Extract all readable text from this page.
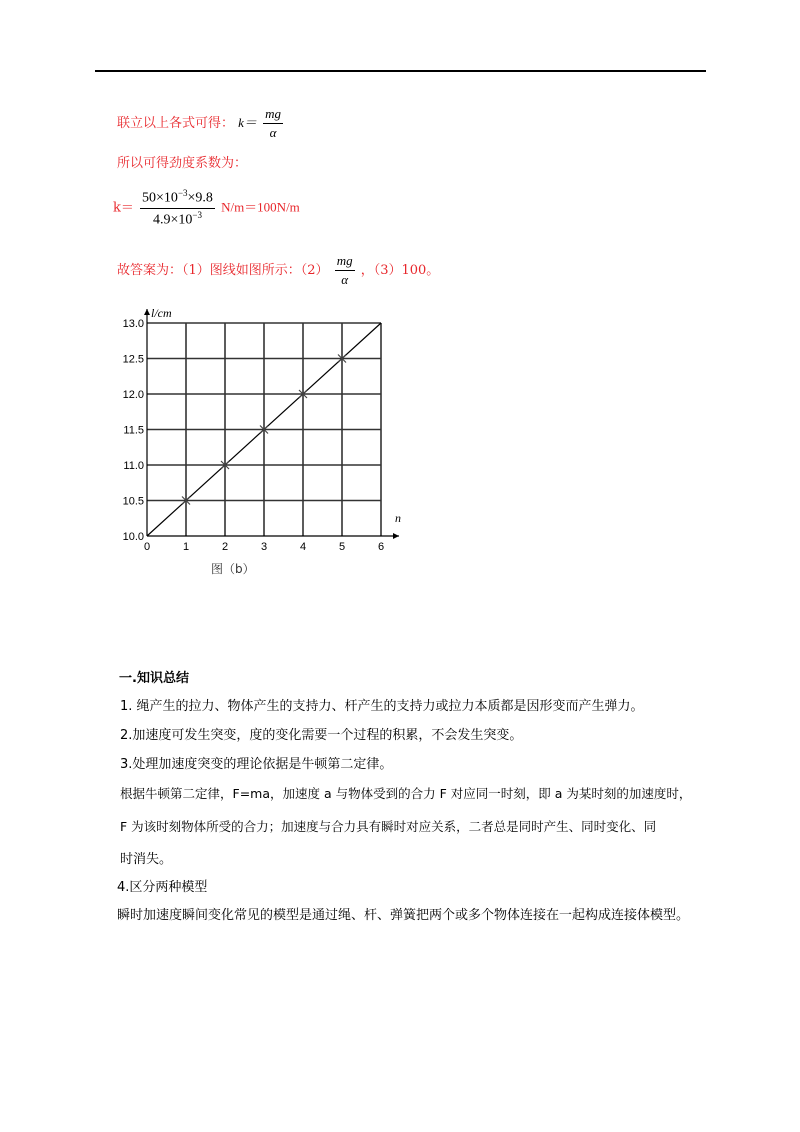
联立以上各式可得： $k= \frac{mg}{\alpha}$
所以可得劲度系数为：
$k= \frac{50\times 10^{-3}\times 9.8}{4.9\times 10^{-3}} N/m=100N/m$
故答案为：（1）图线如图所示：$(2) \frac{mg}{\alpha}$ ，（3）100。
0	1	2	3	4	5	6
10.0
10.5
11.0
11.5
12.0
12.5
13.0
l/cm
n
图（b）
一.知识总结
1. 绳产生的拉力、物体产生的支持力、杆产生的支持力或拉力本质都是因形变而产生弹力。
2.加速度可发生突变，度的变化需要一个过程的积累，不会发生突变。
3.处理加速度突变的理论依据是牛顿第二定律。
根据牛顿第二定律，F=ma，加速度 a 与物体受到的合力 F 对应同一时刻，即 a 为某时刻的加速度时，
F 为该时刻物体所受的合力；加速度与合力具有瞬时对应关系，二者总是同时产生、同时变化、同
时消失。
4.区分两种模型
瞬时加速度瞬间变化常见的模型是通过绳、杆、弹簧把两个或多个物体连接在一起构成连接体模型。
